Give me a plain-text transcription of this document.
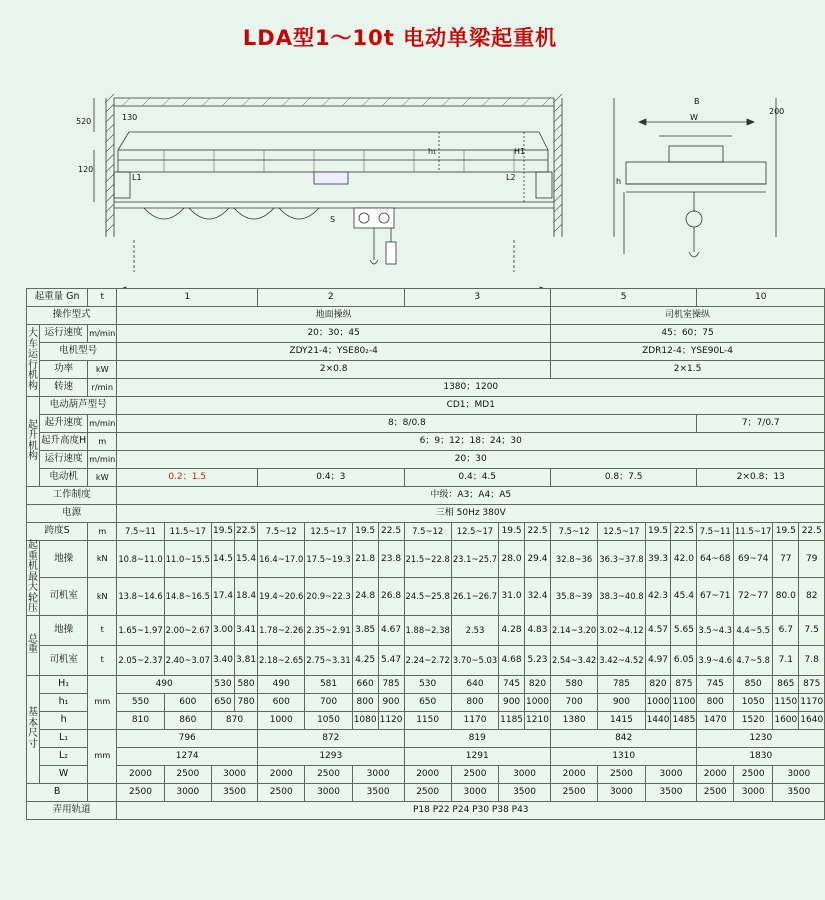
LDA型1～10t 电动单梁起重机
200
130
520
120
h₁	H1
L1	L2
S
B
W
h
起重量 Gn		t	1				2				3				5				10			
操作型式			地面操纵												司机室操纵							
大车运行机构	运行速度	m/min	20；30；45												45；60；75							
	电机型号		ZDY21-4；YSE80₂-4												ZDR12-4；YSE90L-4							
	功率	kW	2×0.8												2×1.5							
	转速	r/min	1380；1200																			
起升机构	电动葫芦型号		CD1；MD1																			
	起升速度	m/min	8；8/0.8																7；7/0.7			
	起升高度H	m	6；9；12；18；24；30																			
	运行速度	m/min	20；30																			
	电动机	kW	0.2；1.5				0.4；3				0.4；4.5				0.8；7.5				2×0.8；13			
工作制度			中级：A3；A4；A5																			
电源			三相 50Hz 380V																			
跨度S		m	7.5~11	11.5~17	19.5	22.5	7.5~12	12.5~17	19.5	22.5	7.5~12	12.5~17	19.5	22.5	7.5~12	12.5~17	19.5	22.5	7.5~11	11.5~17	19.5	22.5
起重机最大轮压	地操	kN	10.8~11.0	11.0~15.5	14.5	15.4	16.4~17.0	17.5~19.3	21.8	23.8	21.5~22.8	23.1~25.7	28.0	29.4	32.8~36	36.3~37.8	39.3	42.0	64~68	69~74	77	79
	司机室	kN	13.8~14.6	14.8~16.5	17.4	18.4	19.4~20.6	20.9~22.3	24.8	26.8	24.5~25.8	26.1~26.7	31.0	32.4	35.8~39	38.3~40.8	42.3	45.4	67~71	72~77	80.0	82
总重	地操	t	1.65~1.97	2.00~2.67	3.00	3.41	1.78~2.26	2.35~2.91	3.85	4.67	1.88~2.38	2.53	4.28	4.83	2.14~3.20	3.02~4.12	4.57	5.65	3.5~4.3	4.4~5.5	6.7	7.5
	司机室	t	2.05~2.37	2.40~3.07	3.40	3.81	2.18~2.65	2.75~3.31	4.25	5.47	2.24~2.72	3.70~5.03	4.68	5.23	2.54~3.42	3.42~4.52	4.97	6.05	3.9~4.6	4.7~5.8	7.1	7.8
基本尺寸	H₁	mm	490		530	580	490	581	660	785	530	640	745	820	580	785	820	875	745	850	865	875
	h₁		550	600	650	780	600	700	800	900	650	800	900	1000	700	900	1000	1100	800	1050	1150	1170
	h		810	860	870		1000	1050	1080	1120	1150	1170	1185	1210	1380	1415	1440	1485	1470	1520	1600	1640
	L₁	mm	796				872				819				842				1230			
	L₂		1274				1293				1291				1310				1830			
	W		2000	2500	3000		2000	2500	3000		2000	2500	3000		2000	2500	3000		2000	2500	3000	
B			2500	3000	3500		2500	3000	3500		2500	3000	3500		2500	3000	3500		2500	3000	3500	
弄用轨道			P18 P22 P24 P30 P38 P43																			
